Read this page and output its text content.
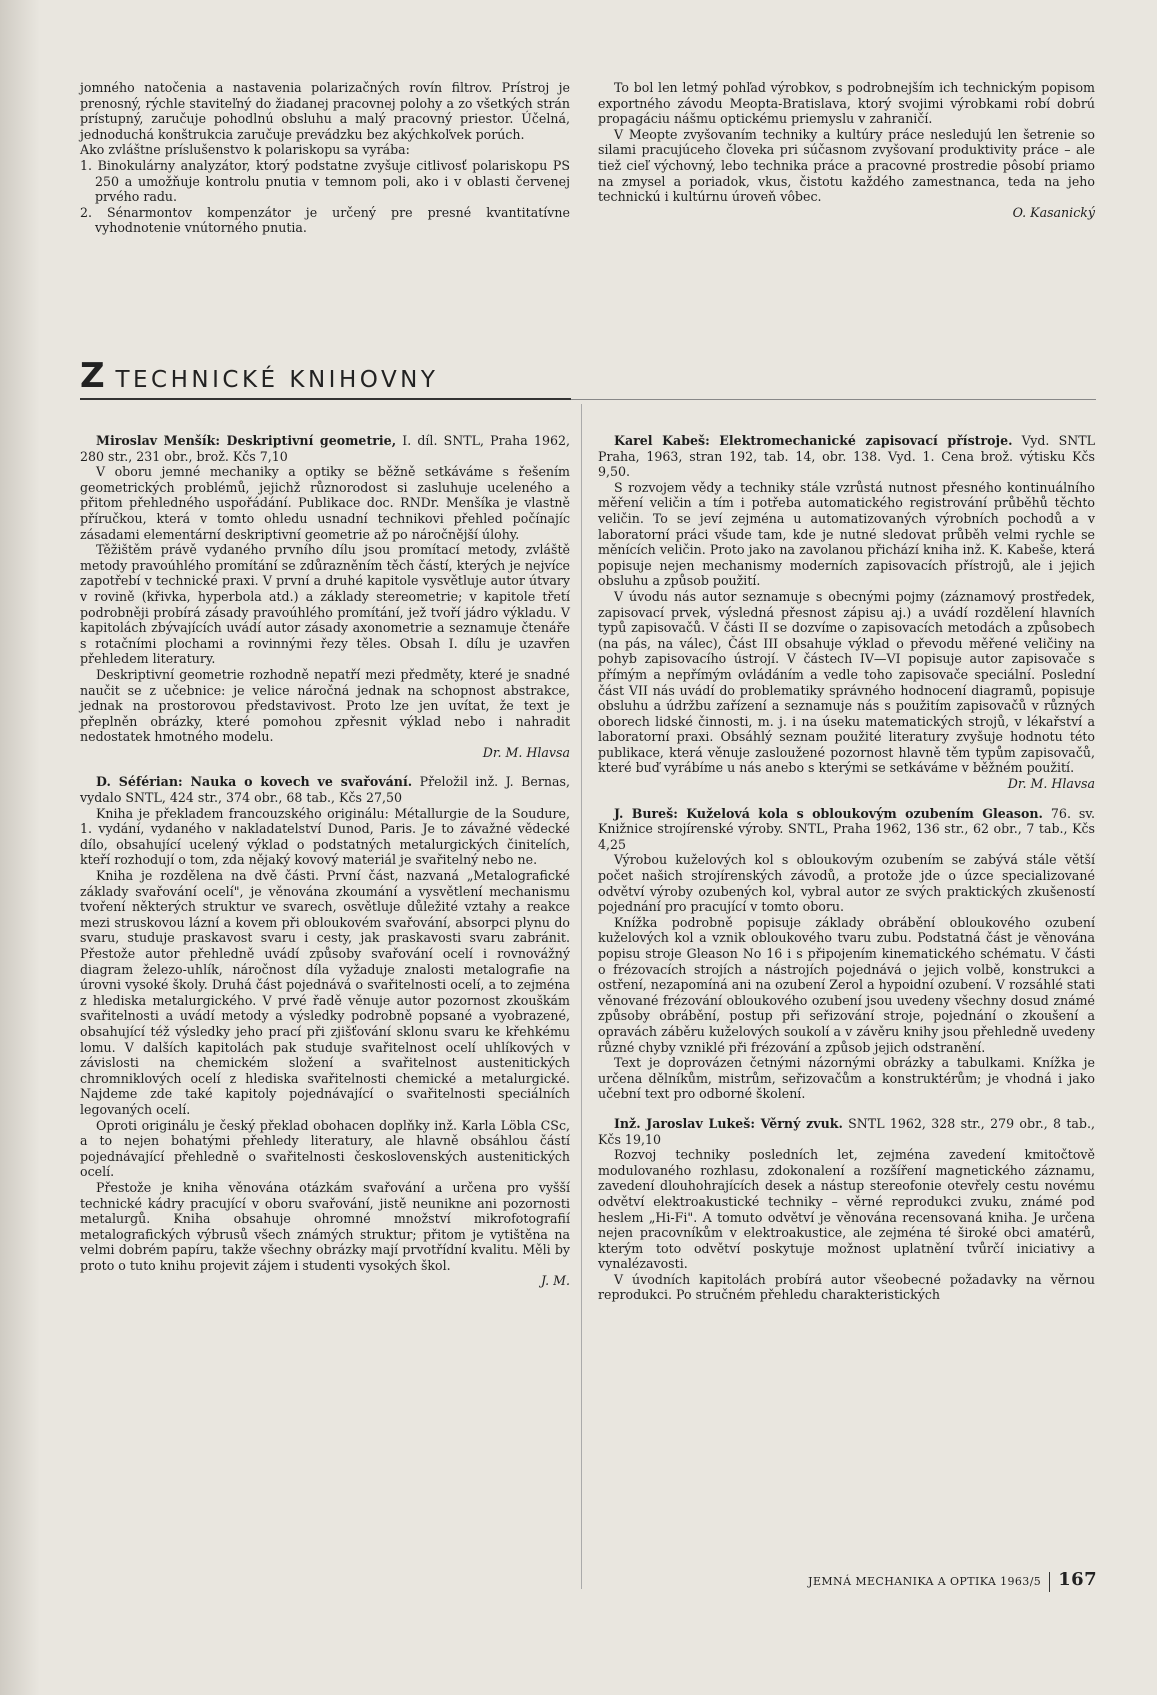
jomného natočenia a nastavenia polarizačných rovín filtrov. Prístroj je prenosný, rýchle staviteľný do žiadanej pracovnej polohy a zo všetkých strán prístupný, zaručuje pohodlnú obsluhu a malý pracovný priestor. Účelná, jednoduchá konštrukcia zaručuje prevádzku bez akýchkoľvek porúch.

Ako zvláštne príslušenstvo k polariskopu sa vyrába:

1. Binokulárny analyzátor, ktorý podstatne zvyšuje citlivosť polariskopu PS 250 a umožňuje kontrolu pnutia v temnom poli, ako i v oblasti červenej prvého radu.

2. Sénarmontov kompenzátor je určený pre presné kvantitatívne vyhodnotenie vnútorného pnutia.

To bol len letmý pohľad výrobkov, s podrobnejším ich technickým popisom exportného závodu Meopta-Bratislava, ktorý svojimi výrobkami robí dobrú propagáciu nášmu optickému priemyslu v zahraničí.

V Meopte zvyšovaním techniky a kultúry práce nesledujú len šetrenie so silami pracujúceho človeka pri súčasnom zvyšovaní produktivity práce – ale tiež cieľ výchovný, lebo technika práce a pracovné prostredie pôsobí priamo na zmysel a poriadok, vkus, čistotu každého zamestnanca, teda na jeho technickú i kultúrnu úroveň vôbec.

O. Kasanický

Z TECHNICKÉ KNIHOVNY

Miroslav Menšík: Deskriptivní geometrie, I. díl. SNTL, Praha 1962, 280 str., 231 obr., brož. Kčs 7,10

V oboru jemné mechaniky a optiky se běžně setkáváme s řešením geometrických problémů, jejichž různorodost si zasluhuje uceleného a přitom přehledného uspořádání. Publikace doc. RNDr. Menšíka je vlastně příručkou, která v tomto ohledu usnadní technikovi přehled počínajíc zásadami elementární deskriptivní geometrie až po náročnější úlohy.

Těžištěm právě vydaného prvního dílu jsou promítací metody, zvláště metody pravoúhlého promítání se zdůrazněním těch částí, kterých je nejvíce zapotřebí v technické praxi. V první a druhé kapitole vysvětluje autor útvary v rovině (křivka, hyperbola atd.) a základy stereometrie; v kapitole třetí podrobněji probírá zásady pravoúhlého promítání, jež tvoří jádro výkladu. V kapitolách zbývajících uvádí autor zásady axonometrie a seznamuje čtenáře s rotačními plochami a rovinnými řezy těles. Obsah I. dílu je uzavřen přehledem literatury.

Deskriptivní geometrie rozhodně nepatří mezi předměty, které je snadné naučit se z učebnice: je velice náročná jednak na schopnost abstrakce, jednak na prostorovou představivost. Proto lze jen uvítat, že text je přeplněn obrázky, které pomohou zpřesnit výklad nebo i nahradit nedostatek hmotného modelu.

Dr. M. Hlavsa

D. Séférian: Nauka o kovech ve svařování. Přeložil inž. J. Bernas, vydalo SNTL, 424 str., 374 obr., 68 tab., Kčs 27,50

Kniha je překladem francouzského originálu: Métallurgie de la Soudure, 1. vydání, vydaného v nakladatelství Dunod, Paris. Je to závažné vědecké dílo, obsahující ucelený výklad o podstatných metalurgických činitelích, kteří rozhodují o tom, zda nějaký kovový materiál je svařitelný nebo ne.

Kniha je rozdělena na dvě části. První část, nazvaná „Metalografické základy svařování ocelí", je věnována zkoumání a vysvětlení mechanismu tvoření některých struktur ve svarech, osvětluje důležité vztahy a reakce mezi struskovou lázní a kovem při obloukovém svařování, absorpci plynu do svaru, studuje praskavost svaru i cesty, jak praskavosti svaru zabránit. Přestože autor přehledně uvádí způsoby svařování ocelí i rovnovážný diagram železo-uhlík, náročnost díla vyžaduje znalosti metalografie na úrovni vysoké školy. Druhá část pojednává o svařitelnosti ocelí, a to zejména z hlediska metalurgického. V prvé řadě věnuje autor pozornost zkouškám svařitelnosti a uvádí metody a výsledky podrobně popsané a vyobrazené, obsahující též výsledky jeho prací při zjišťování sklonu svaru ke křehkému lomu. V dalších kapitolách pak studuje svařitelnost ocelí uhlíkových v závislosti na chemickém složení a svařitelnost austenitických chromniklových ocelí z hlediska svařitelnosti chemické a metalurgické. Najdeme zde také kapitoly pojednávající o svařitelnosti speciálních legovaných ocelí.

Oproti originálu je český překlad obohacen doplňky inž. Karla Löbla CSc, a to nejen bohatými přehledy literatury, ale hlavně obsáhlou částí pojednávající přehledně o svařitelnosti československých austenitických ocelí.

Přestože je kniha věnována otázkám svařování a určena pro vyšší technické kádry pracující v oboru svařování, jistě neunikne ani pozornosti metalurgů. Kniha obsahuje ohromné množství mikrofotografií metalografických výbrusů všech známých struktur; přitom je vytištěna na velmi dobrém papíru, takže všechny obrázky mají prvotřídní kvalitu. Měli by proto o tuto knihu projevit zájem i studenti vysokých škol.

J. M.

Karel Kabeš: Elektromechanické zapisovací přístroje. Vyd. SNTL Praha, 1963, stran 192, tab. 14, obr. 138. Vyd. 1. Cena brož. výtisku Kčs 9,50.

S rozvojem vědy a techniky stále vzrůstá nutnost přesného kontinuálního měření veličin a tím i potřeba automatického registrování průběhů těchto veličin. To se jeví zejména u automatizovaných výrobních pochodů a v laboratorní práci všude tam, kde je nutné sledovat průběh velmi rychle se měnících veličin. Proto jako na zavolanou přichází kniha inž. K. Kabeše, která popisuje nejen mechanismy moderních zapisovacích přístrojů, ale i jejich obsluhu a způsob použití.

V úvodu nás autor seznamuje s obecnými pojmy (záznamový prostředek, zapisovací prvek, výsledná přesnost zápisu aj.) a uvádí rozdělení hlavních typů zapisovačů. V části II se dozvíme o zapisovacích metodách a způsobech (na pás, na válec), Část III obsahuje výklad o převodu měřené veličiny na pohyb zapisovacího ústrojí. V částech IV—VI popisuje autor zapisovače s přímým a nepřímým ovládáním a vedle toho zapisovače speciální. Poslední část VII nás uvádí do problematiky správného hodnocení diagramů, popisuje obsluhu a údržbu zařízení a seznamuje nás s použitím zapisovačů v různých oborech lidské činnosti, m. j. i na úseku matematických strojů, v lékařství a laboratorní praxi. Obsáhlý seznam použité literatury zvyšuje hodnotu této publikace, která věnuje zasloužené pozornost hlavně těm typům zapisovačů, které buď vyrábíme u nás anebo s kterými se setkáváme v běžném použití.

Dr. M. Hlavsa

J. Bureš: Kuželová kola s obloukovým ozubením Gleason. 76. sv. Knižnice strojírenské výroby. SNTL, Praha 1962, 136 str., 62 obr., 7 tab., Kčs 4,25

Výrobou kuželových kol s obloukovým ozubením se zabývá stále větší počet našich strojírenských závodů, a protože jde o úzce specializované odvětví výroby ozubených kol, vybral autor ze svých praktických zkušeností pojednání pro pracující v tomto oboru.

Knížka podrobně popisuje základy obrábění obloukového ozubení kuželových kol a vznik obloukového tvaru zubu. Podstatná část je věnována popisu stroje Gleason No 16 i s připojením kinematického schématu. V části o frézovacích strojích a nástrojích pojednává o jejich volbě, konstrukci a ostření, nezapomíná ani na ozubení Zerol a hypoidní ozubení. V rozsáhlé stati věnované frézování obloukového ozubení jsou uvedeny všechny dosud známé způsoby obrábění, postup při seřizování stroje, pojednání o zkoušení a opravách záběru kuželových soukolí a v závěru knihy jsou přehledně uvedeny různé chyby vzniklé při frézování a způsob jejich odstranění.

Text je doprovázen četnými názornými obrázky a tabulkami. Knížka je určena dělníkům, mistrům, seřizovačům a konstruktérům; je vhodná i jako učební text pro odborné školení.

Inž. Jaroslav Lukeš: Věrný zvuk. SNTL 1962, 328 str., 279 obr., 8 tab., Kčs 19,10

Rozvoj techniky posledních let, zejména zavedení kmitočtově modulovaného rozhlasu, zdokonalení a rozšíření magnetického záznamu, zavedení dlouhohrajících desek a nástup stereofonie otevřely cestu novému odvětví elektroakustické techniky – věrné reprodukci zvuku, známé pod heslem „Hi-Fi". A tomuto odvětví je věnována recensovaná kniha. Je určena nejen pracovníkům v elektroakustice, ale zejména té široké obci amatérů, kterým toto odvětví poskytuje možnost uplatnění tvůrčí iniciativy a vynalézavosti.

V úvodních kapitolách probírá autor všeobecné požadavky na věrnou reprodukci. Po stručném přehledu charakteristických

JEMNÁ MECHANIKA A OPTIKA 1963/5 167
